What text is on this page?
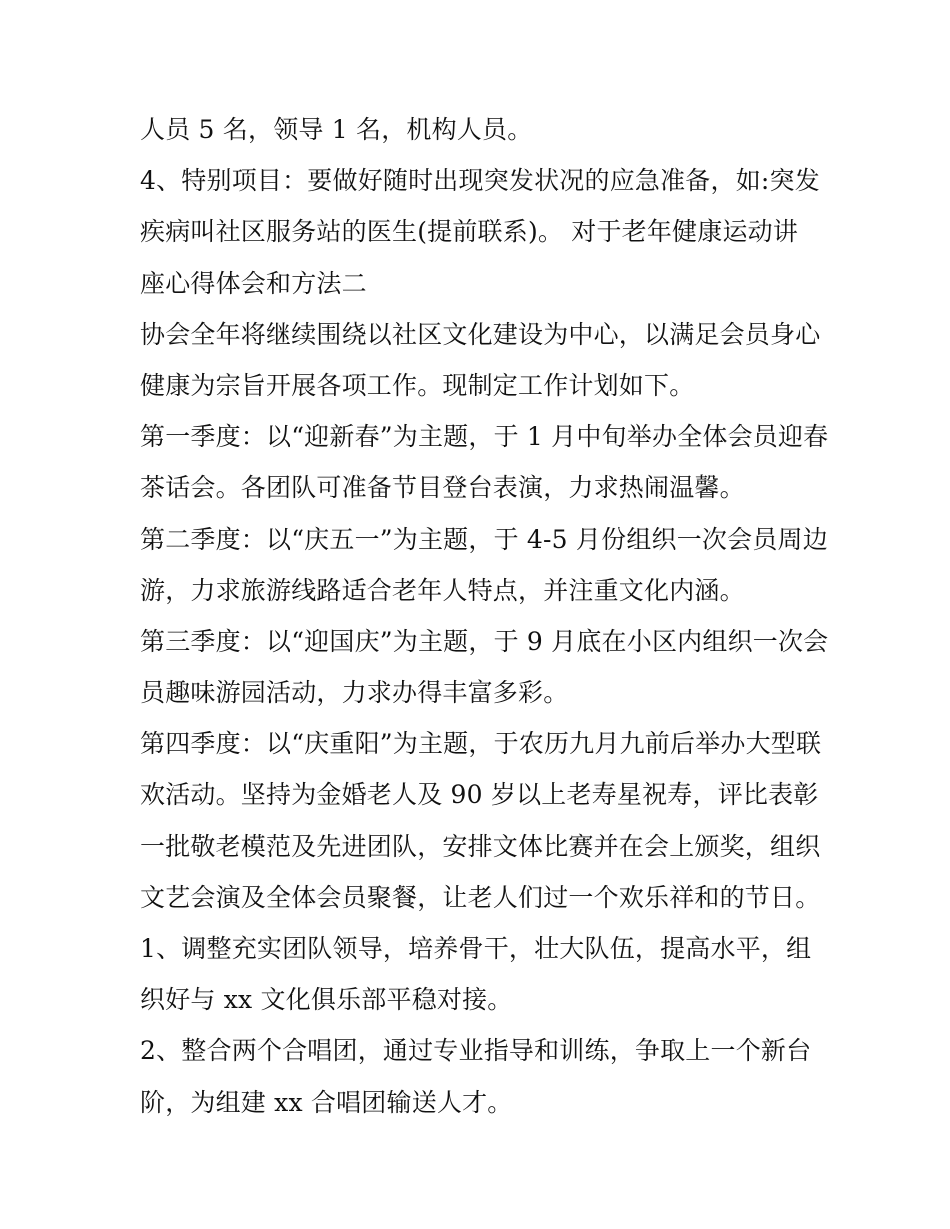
人员 5 名，领导 1 名，机构人员。
4、特别项目：要做好随时出现突发状况的应急准备，如:突发
疾病叫社区服务站的医生(提前联系)。 对于老年健康运动讲
座心得体会和方法二
协会全年将继续围绕以社区文化建设为中心，以满足会员身心
健康为宗旨开展各项工作。现制定工作计划如下。
第一季度：以“迎新春”为主题，于 1 月中旬举办全体会员迎春
茶话会。各团队可准备节目登台表演，力求热闹温馨。
第二季度：以“庆五一”为主题，于 4-5 月份组织一次会员周边
游，力求旅游线路适合老年人特点，并注重文化内涵。
第三季度：以“迎国庆”为主题，于 9 月底在小区内组织一次会
员趣味游园活动，力求办得丰富多彩。
第四季度：以“庆重阳”为主题，于农历九月九前后举办大型联
欢活动。坚持为金婚老人及 90 岁以上老寿星祝寿，评比表彰
一批敬老模范及先进团队，安排文体比赛并在会上颁奖，组织
文艺会演及全体会员聚餐，让老人们过一个欢乐祥和的节日。
1、调整充实团队领导，培养骨干，壮大队伍，提高水平，组
织好与 xx 文化俱乐部平稳对接。
2、整合两个合唱团，通过专业指导和训练，争取上一个新台
阶，为组建 xx 合唱团输送人才。
